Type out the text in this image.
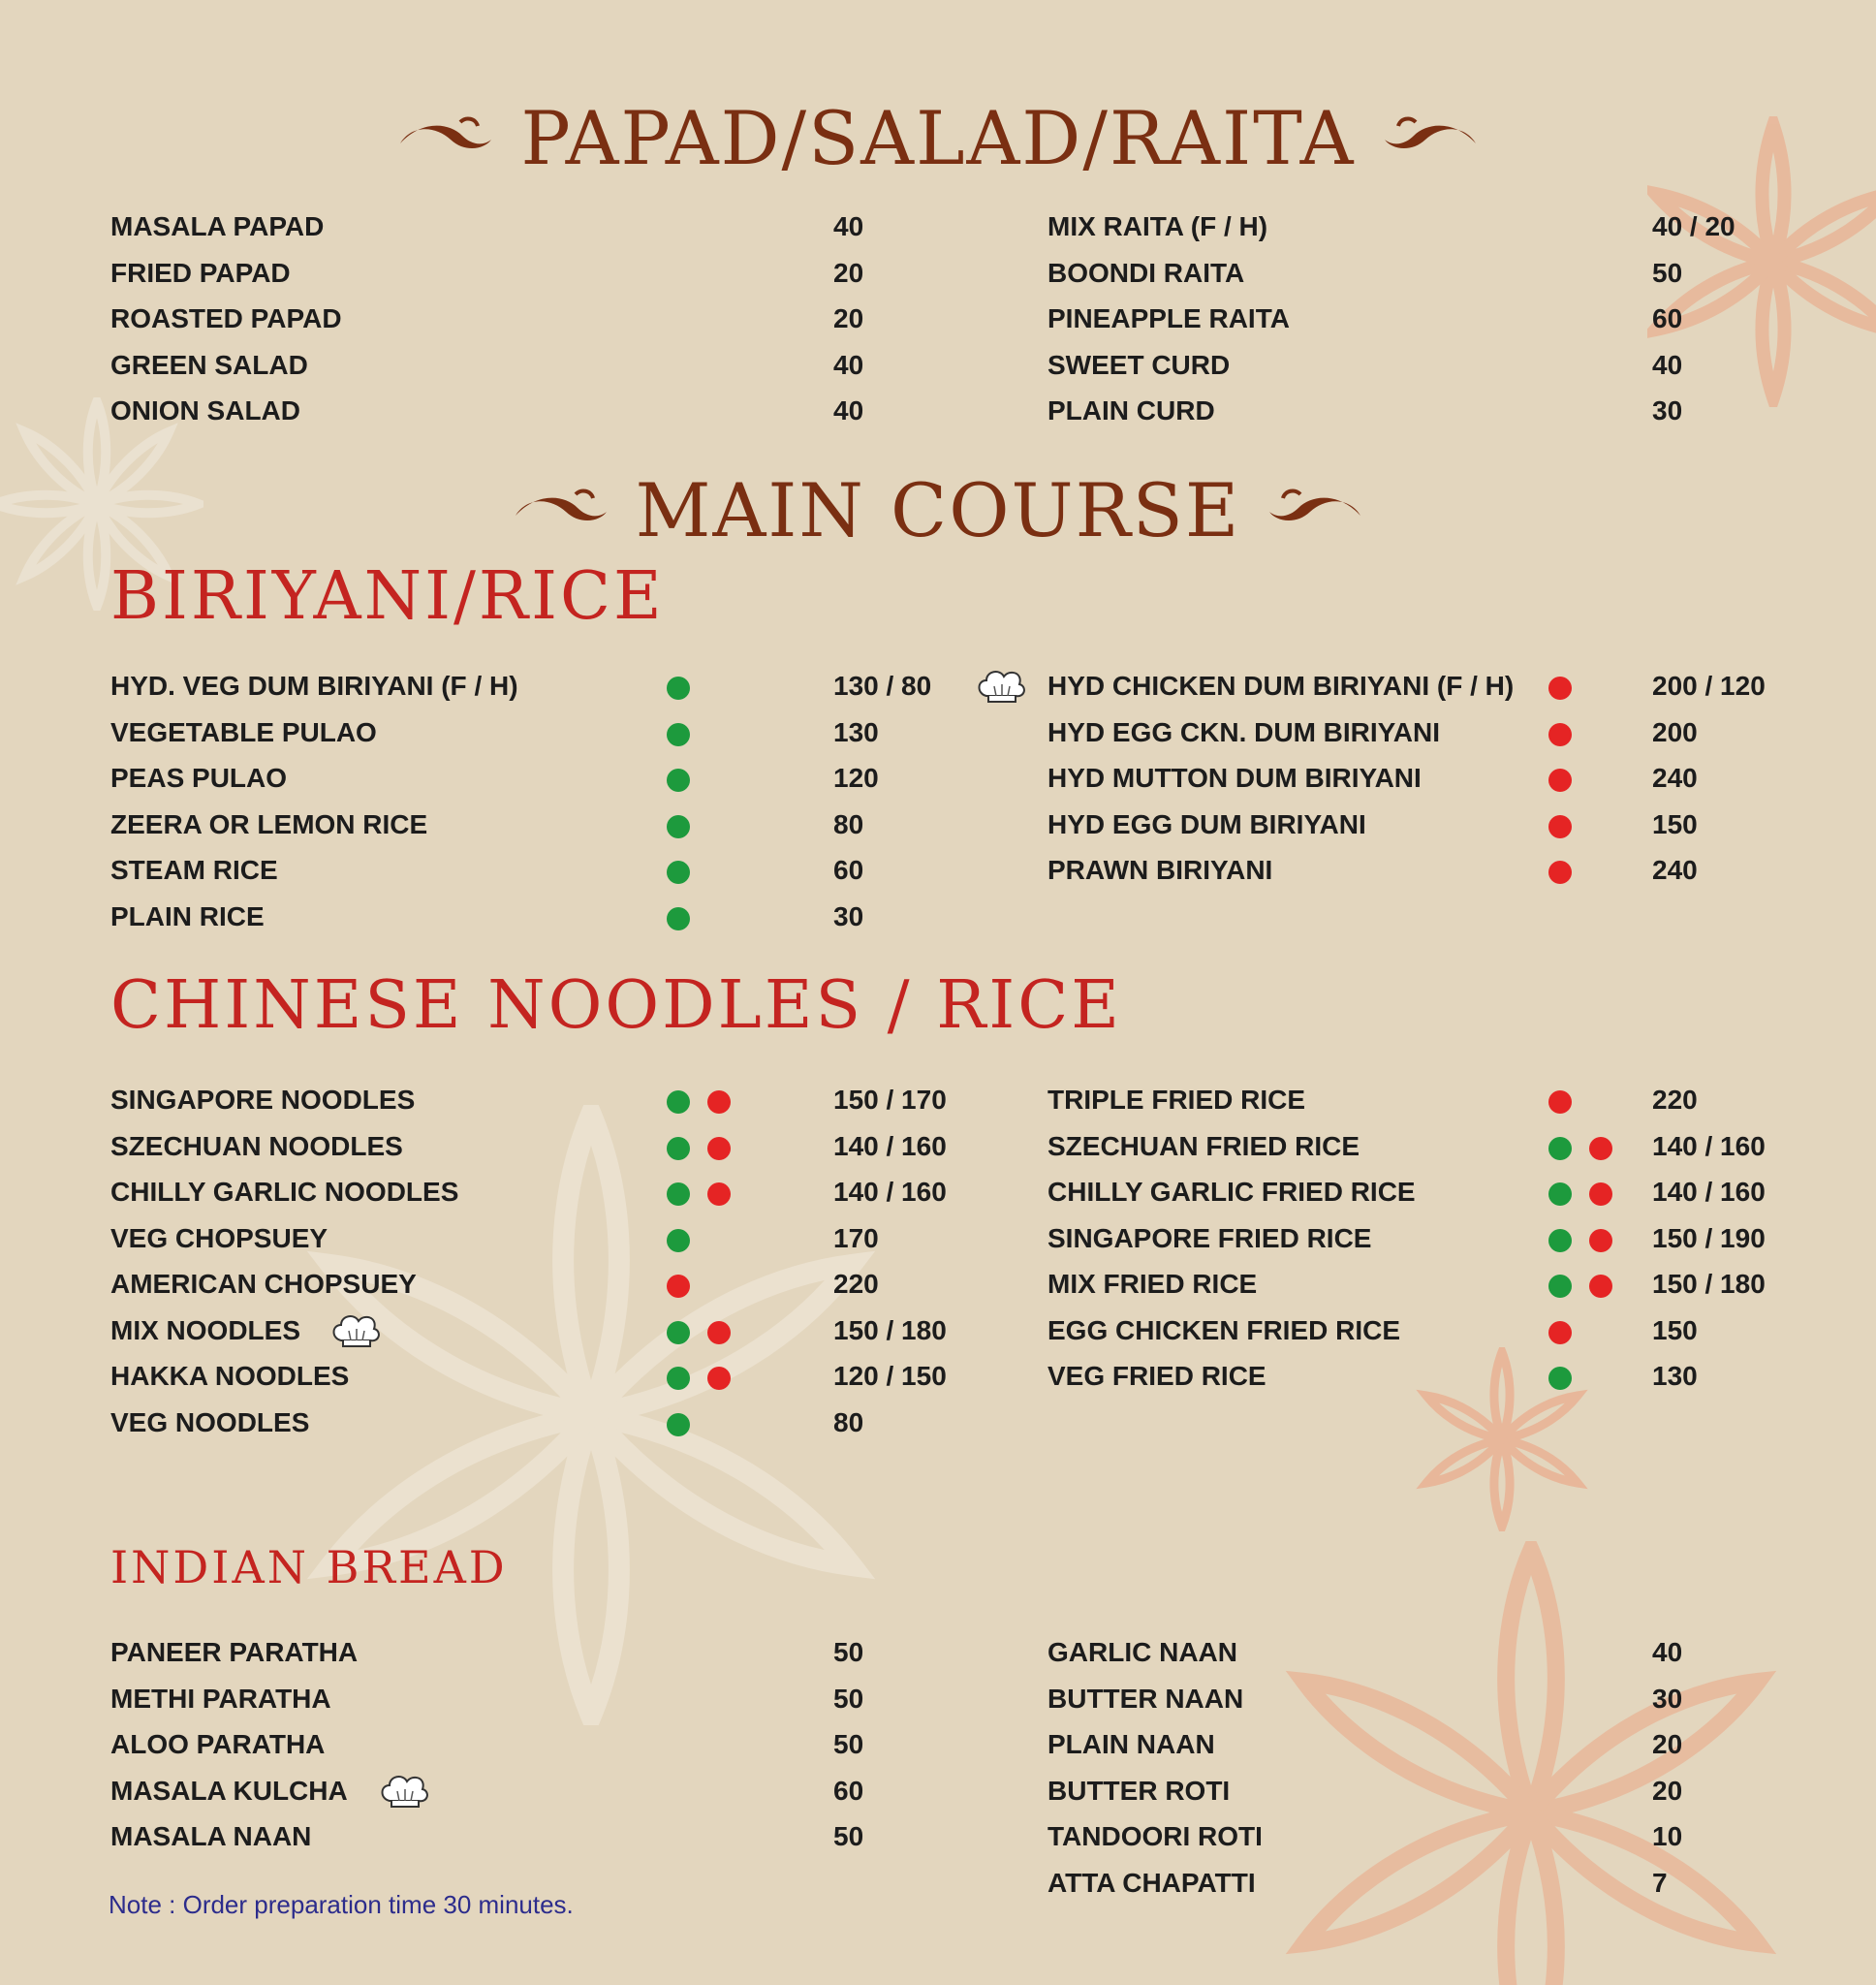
PAPAD/SALAD/RAITA
MAIN COURSE
BIRIYANI/RICE
CHINESE NOODLES / RICE
INDIAN BREAD
MASALA PAPAD	40
FRIED PAPAD	20
ROASTED PAPAD	20
GREEN SALAD	40
ONION SALAD	40
MIX RAITA (F / H)	40 / 20
BOONDI RAITA	50
PINEAPPLE RAITA	60
SWEET CURD	40
PLAIN CURD	30
HYD. VEG DUM BIRIYANI (F / H)	130 / 80
VEGETABLE PULAO	130
PEAS PULAO	120
ZEERA OR LEMON RICE	80
STEAM RICE	60
PLAIN RICE	30
HYD CHICKEN DUM BIRIYANI (F / H)	200 / 120
HYD EGG CKN. DUM BIRIYANI	200
HYD MUTTON DUM BIRIYANI	240
HYD EGG DUM BIRIYANI	150
PRAWN BIRIYANI	240
SINGAPORE NOODLES	150 / 170
SZECHUAN NOODLES	140 / 160
CHILLY GARLIC NOODLES	140 / 160
VEG CHOPSUEY	170
AMERICAN CHOPSUEY	220
MIX NOODLES	150 / 180
HAKKA NOODLES	120 / 150
VEG NOODLES	80
TRIPLE FRIED RICE	220
SZECHUAN FRIED RICE	140 / 160
CHILLY GARLIC FRIED RICE	140 / 160
SINGAPORE FRIED RICE	150 / 190
MIX FRIED RICE	150 / 180
EGG CHICKEN FRIED RICE	150
VEG FRIED RICE	130
PANEER PARATHA	50
METHI PARATHA	50
ALOO PARATHA	50
MASALA KULCHA	60
MASALA NAAN	50
GARLIC NAAN	40
BUTTER NAAN	30
PLAIN NAAN	20
BUTTER ROTI	20
TANDOORI ROTI	10
ATTA CHAPATTI	7
Note : Order preparation time 30 minutes.
